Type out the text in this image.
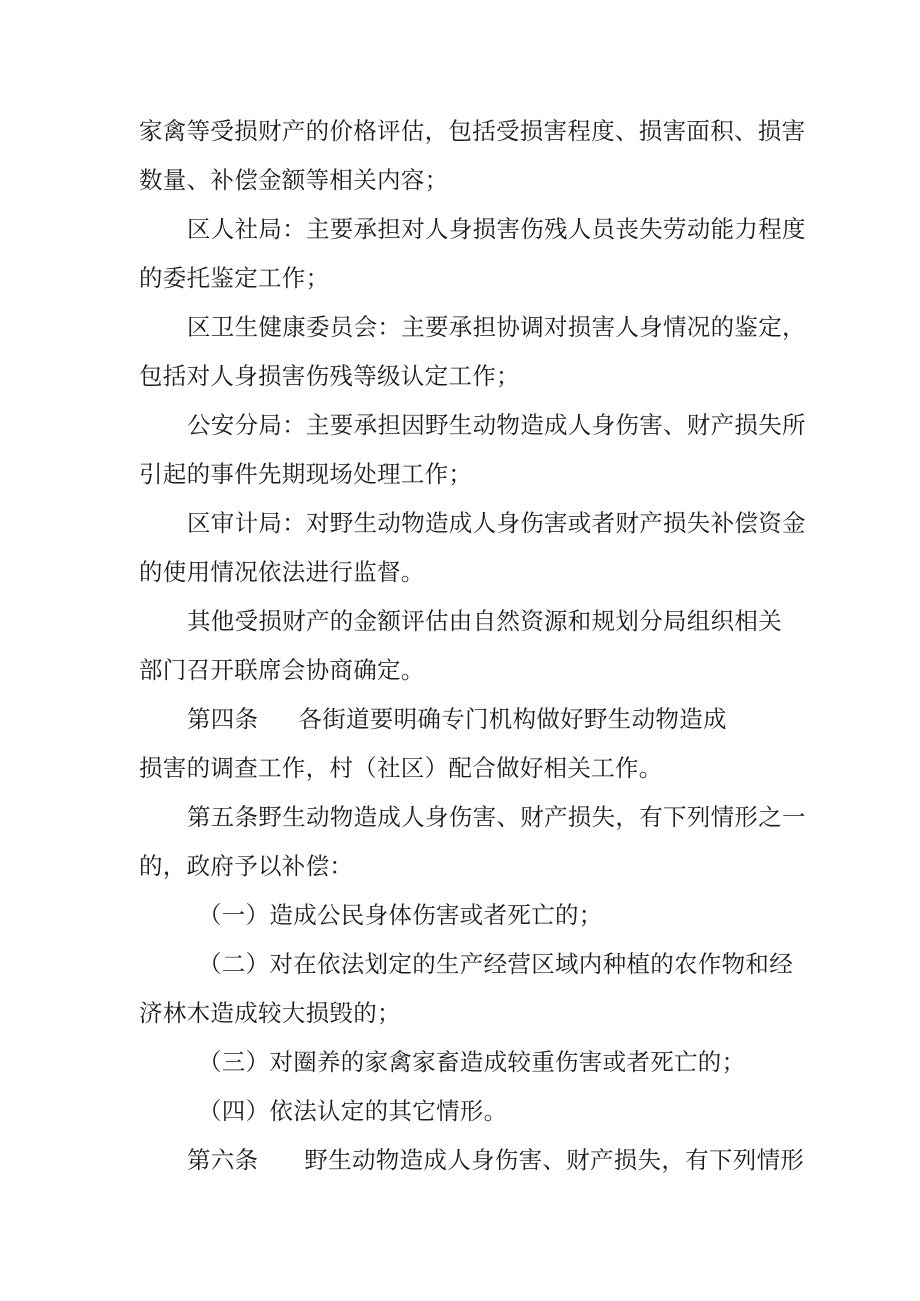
家禽等受损财产的价格评估，包括受损害程度、损害面积、损害
数量、补偿金额等相关内容；
区人社局：主要承担对人身损害伤残人员丧失劳动能力程度
的委托鉴定工作；
区卫生健康委员会：主要承担协调对损害人身情况的鉴定，
包括对人身损害伤残等级认定工作；
公安分局：主要承担因野生动物造成人身伤害、财产损失所
引起的事件先期现场处理工作；
区审计局：对野生动物造成人身伤害或者财产损失补偿资金
的使用情况依法进行监督。
其他受损财产的金额评估由自然资源和规划分局组织相关
部门召开联席会协商确定。
第四条 各街道要明确专门机构做好野生动物造成
损害的调查工作，村（社区）配合做好相关工作。
第五条野生动物造成人身伤害、财产损失，有下列情形之一
的，政府予以补偿：
（一）造成公民身体伤害或者死亡的；
（二）对在依法划定的生产经营区域内种植的农作物和经
济林木造成较大损毁的；
（三）对圈养的家禽家畜造成较重伤害或者死亡的；
（四）依法认定的其它情形。
第六条 野生动物造成人身伤害、财产损失，有下列情形
